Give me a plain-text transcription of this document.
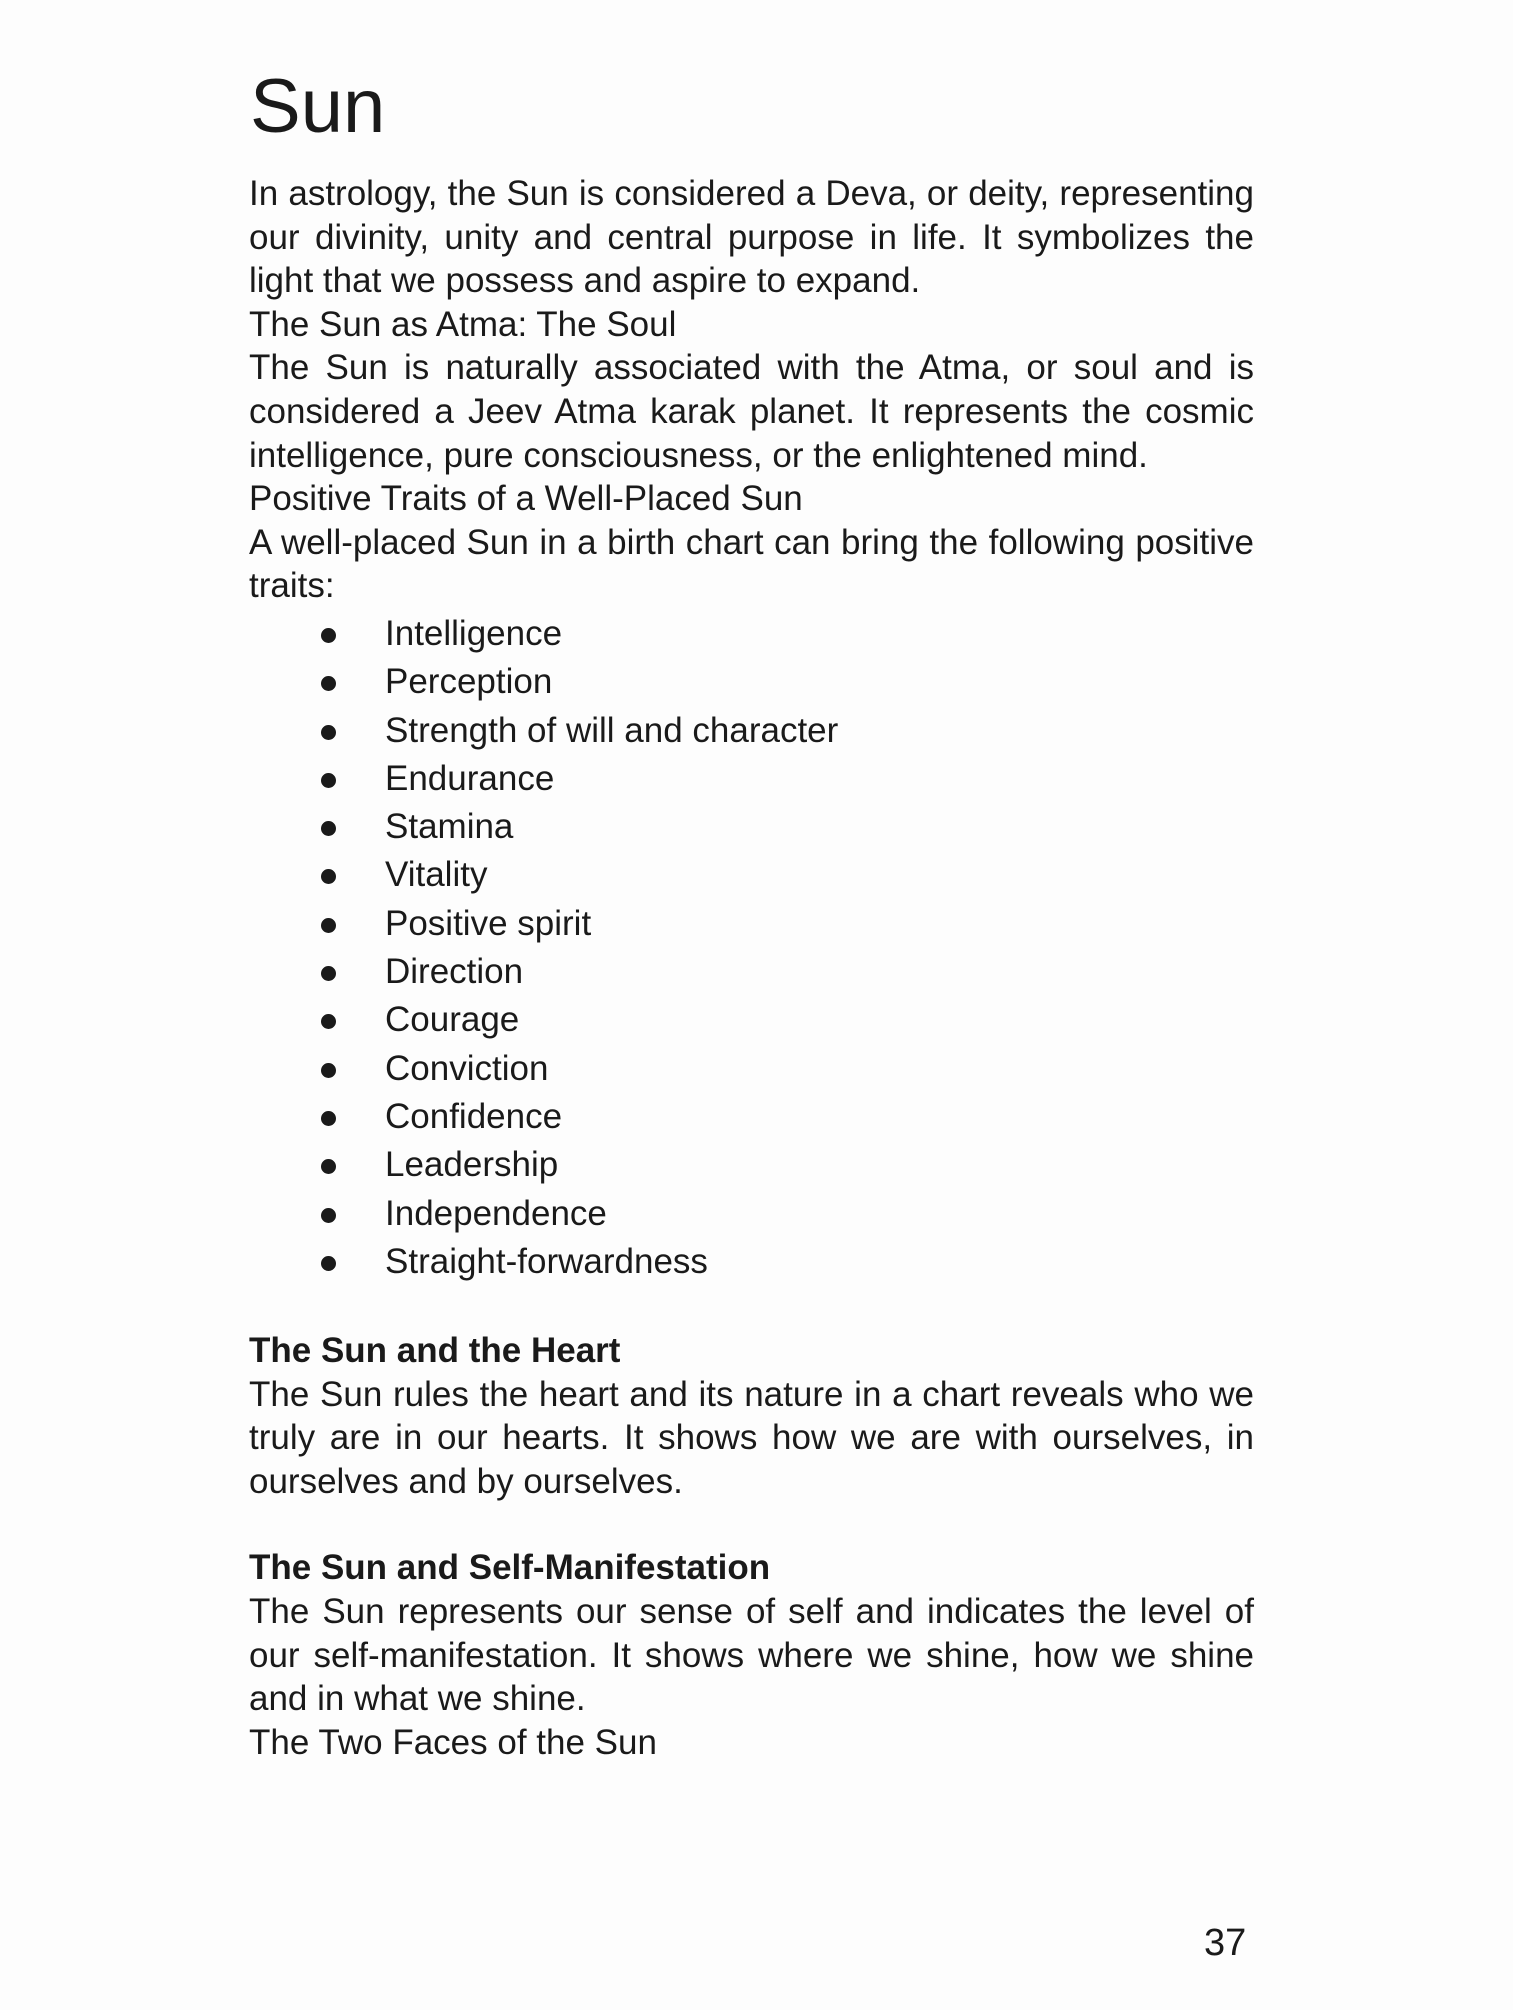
Sun

In astrology, the Sun is considered a Deva, or deity, representing our divinity, unity and central purpose in life. It symbolizes the light that we possess and aspire to expand.

The Sun as Atma: The Soul

The Sun is naturally associated with the Atma, or soul and is considered a Jeev Atma karak planet. It represents the cosmic intelligence, pure consciousness, or the enlightened mind.

Positive Traits of a Well-Placed Sun

A well-placed Sun in a birth chart can bring the following positive traits:

Intelligence
Perception
Strength of will and character
Endurance
Stamina
Vitality
Positive spirit
Direction
Courage
Conviction
Confidence
Leadership
Independence
Straight-forwardness

The Sun and the Heart

The Sun rules the heart and its nature in a chart reveals who we truly are in our hearts. It shows how we are with ourselves, in ourselves and by ourselves.

The Sun and Self-Manifestation

The Sun represents our sense of self and indicates the level of our self-manifestation. It shows where we shine, how we shine and in what we shine.

The Two Faces of the Sun

37
